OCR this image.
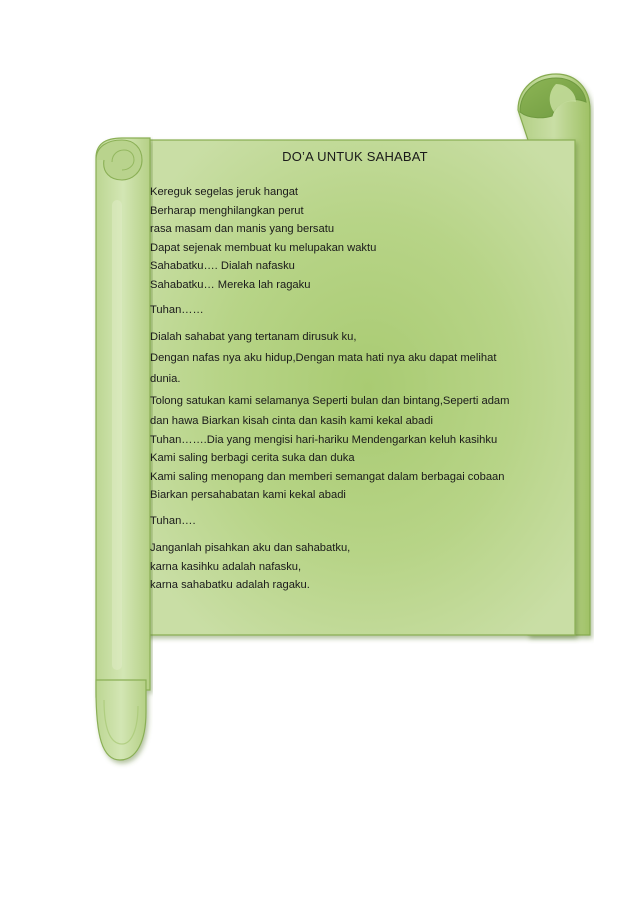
DO’A UNTUK SAHABAT
Kereguk segelas jeruk hangat
Berharap menghilangkan perut
rasa masam dan manis yang bersatu
Dapat sejenak membuat ku melupakan waktu
Sahabatku…. Dialah nafasku
Sahabatku… Mereka lah ragaku
Tuhan……
Dialah sahabat yang tertanam dirusuk ku,
Dengan nafas nya aku hidup,Dengan mata hati nya aku dapat melihat
dunia.
Tolong satukan kami selamanya Seperti bulan dan bintang,Seperti adam
dan hawa Biarkan kisah cinta dan kasih kami kekal abadi
Tuhan…….Dia yang mengisi hari-hariku Mendengarkan keluh kasihku
Kami saling berbagi cerita suka dan duka
Kami saling menopang dan memberi semangat dalam berbagai cobaan
Biarkan persahabatan kami kekal abadi
Tuhan….
Janganlah pisahkan aku dan sahabatku,
karna kasihku adalah nafasku,
karna sahabatku adalah ragaku.
